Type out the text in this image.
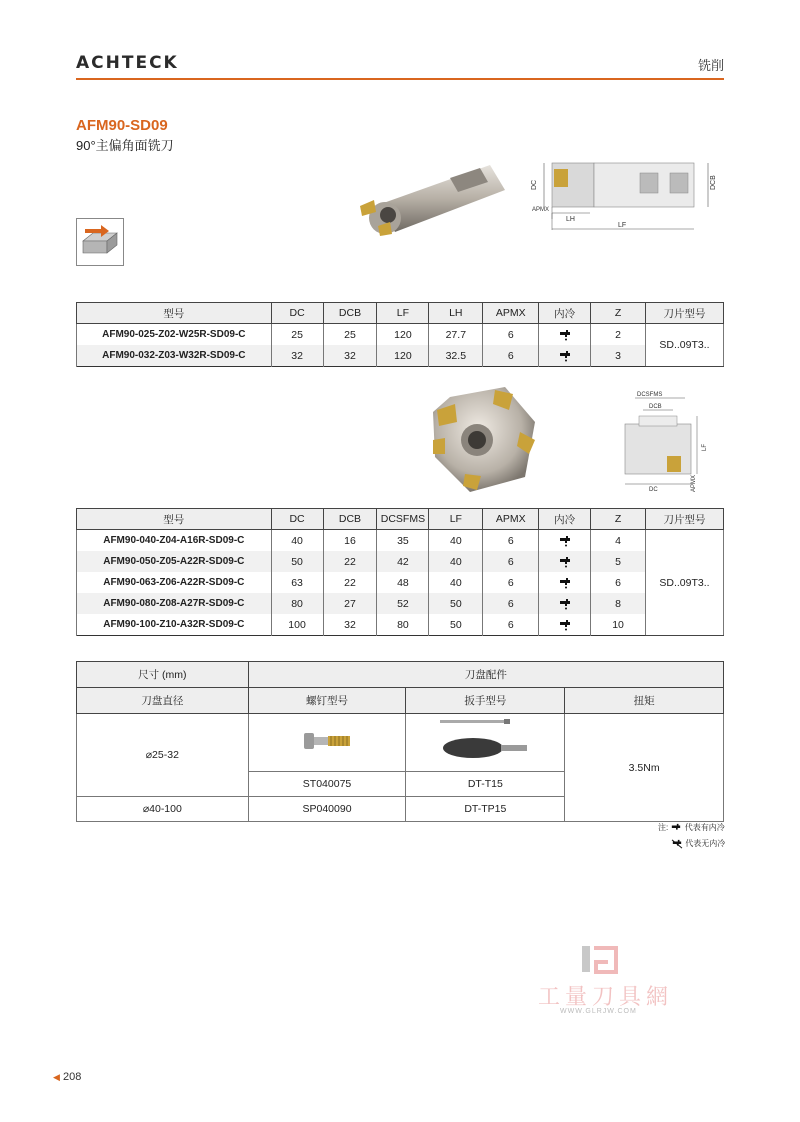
ACHTECK	铣削
AFM90-SD09
90°主偏角面铣刀
DC	DCB
APMX
LH
LF
型号	DC	DCB	LF	LH	APMX	内冷	Z	刀片型号
AFM90-025-Z02-W25R-SD09-C	25	25	120	27.7	6		2	SD..09T3..
AFM90-032-Z03-W32R-SD09-C	32	32	120	32.5	6		3	
DCSFMS
DCB
LF
APMX
DC
型号	DC	DCB	DCSFMS	LF	APMX	内冷	Z	刀片型号
AFM90-040-Z04-A16R-SD09-C	40	16	35	40	6		4	SD..09T3..
AFM90-050-Z05-A22R-SD09-C	50	22	42	40	6		5	
AFM90-063-Z06-A22R-SD09-C	63	22	48	40	6		6	
AFM90-080-Z08-A27R-SD09-C	80	27	52	50	6		8	
AFM90-100-Z10-A32R-SD09-C	100	32	80	50	6		10	
尺寸 (mm)	刀盘配件		
刀盘直径	螺钉型号	扳手型号	扭矩
⌀25-32			3.5Nm
	ST040075	DT-T15	
⌀40-100	SP040090	DT-TP15	
注: 代表有内冷
代表无内冷
工量刀具網
WWW.GLRJW.COM
◀ 208
